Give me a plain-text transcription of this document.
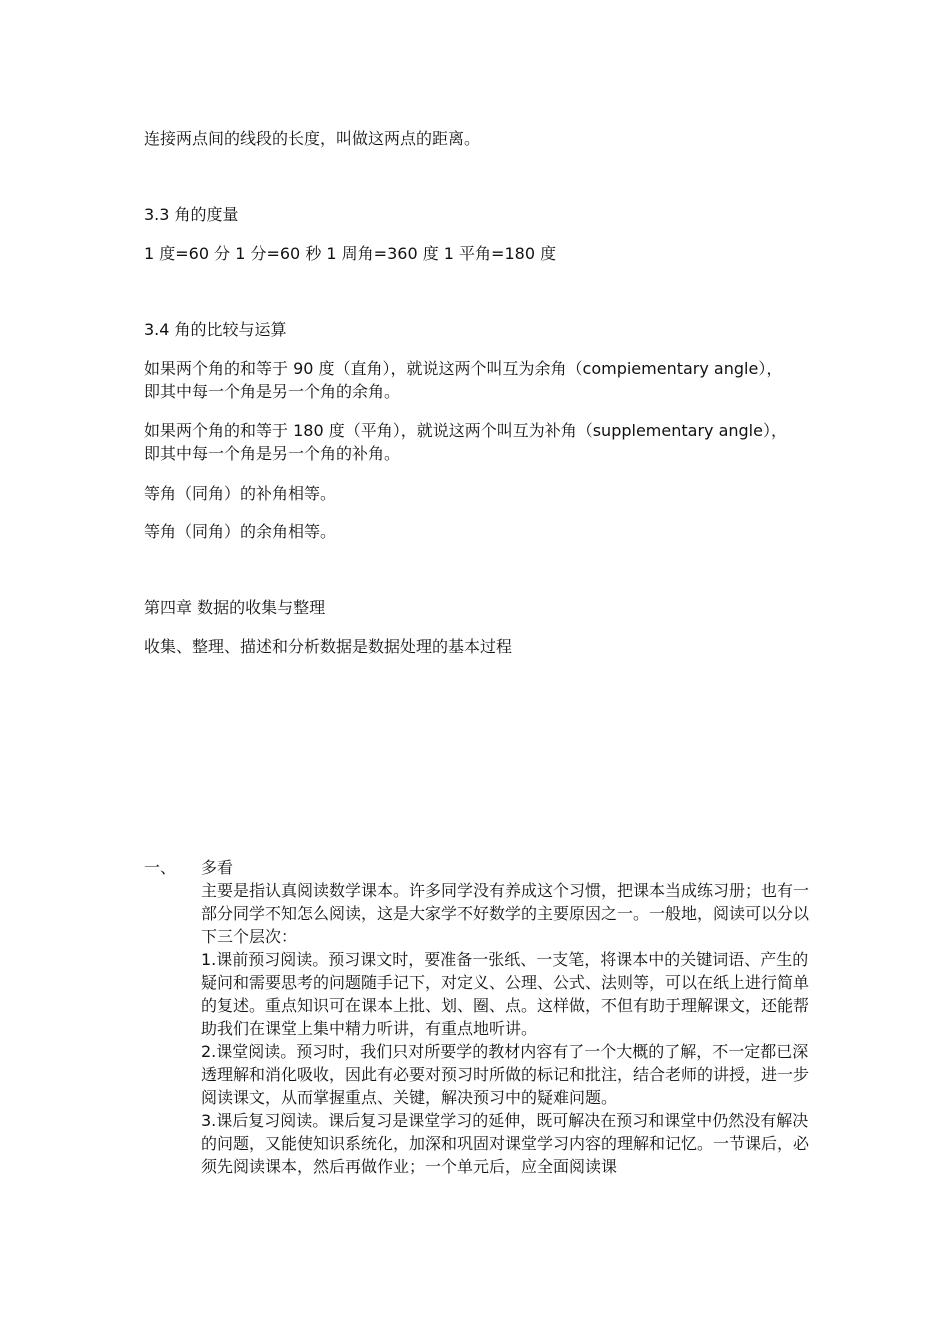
连接两点间的线段的长度，叫做这两点的距离。
3.3 角的度量
1 度=60 分 1 分=60 秒 1 周角=360 度 1 平角=180 度
3.4 角的比较与运算
如果两个角的和等于 90 度（直角），就说这两个叫互为余角（compiementary angle），即其中每一个角是另一个角的余角。
如果两个角的和等于 180 度（平角），就说这两个叫互为补角（supplementary angle），即其中每一个角是另一个角的补角。
等角（同角）的补角相等。
等角（同角）的余角相等。
第四章 数据的收集与整理
收集、整理、描述和分析数据是数据处理的基本过程
一、 多看

主要是指认真阅读数学课本。许多同学没有养成这个习惯，把课本当成练习册；也有一部分同学不知怎么阅读，这是大家学不好数学的主要原因之一。一般地，阅读可以分以下三个层次：

1.课前预习阅读。预习课文时，要准备一张纸、一支笔，将课本中的关键词语、产生的疑问和需要思考的问题随手记下，对定义、公理、公式、法则等，可以在纸上进行简单的复述。重点知识可在课本上批、划、圈、点。这样做，不但有助于理解课文，还能帮助我们在课堂上集中精力听讲，有重点地听讲。

2.课堂阅读。预习时，我们只对所要学的教材内容有了一个大概的了解，不一定都已深透理解和消化吸收，因此有必要对预习时所做的标记和批注，结合老师的讲授，进一步阅读课文，从而掌握重点、关键，解决预习中的疑难问题。

3.课后复习阅读。课后复习是课堂学习的延伸，既可解决在预习和课堂中仍然没有解决的问题，又能使知识系统化，加深和巩固对课堂学习内容的理解和记忆。一节课后，必须先阅读课本，然后再做作业；一个单元后，应全面阅读课
